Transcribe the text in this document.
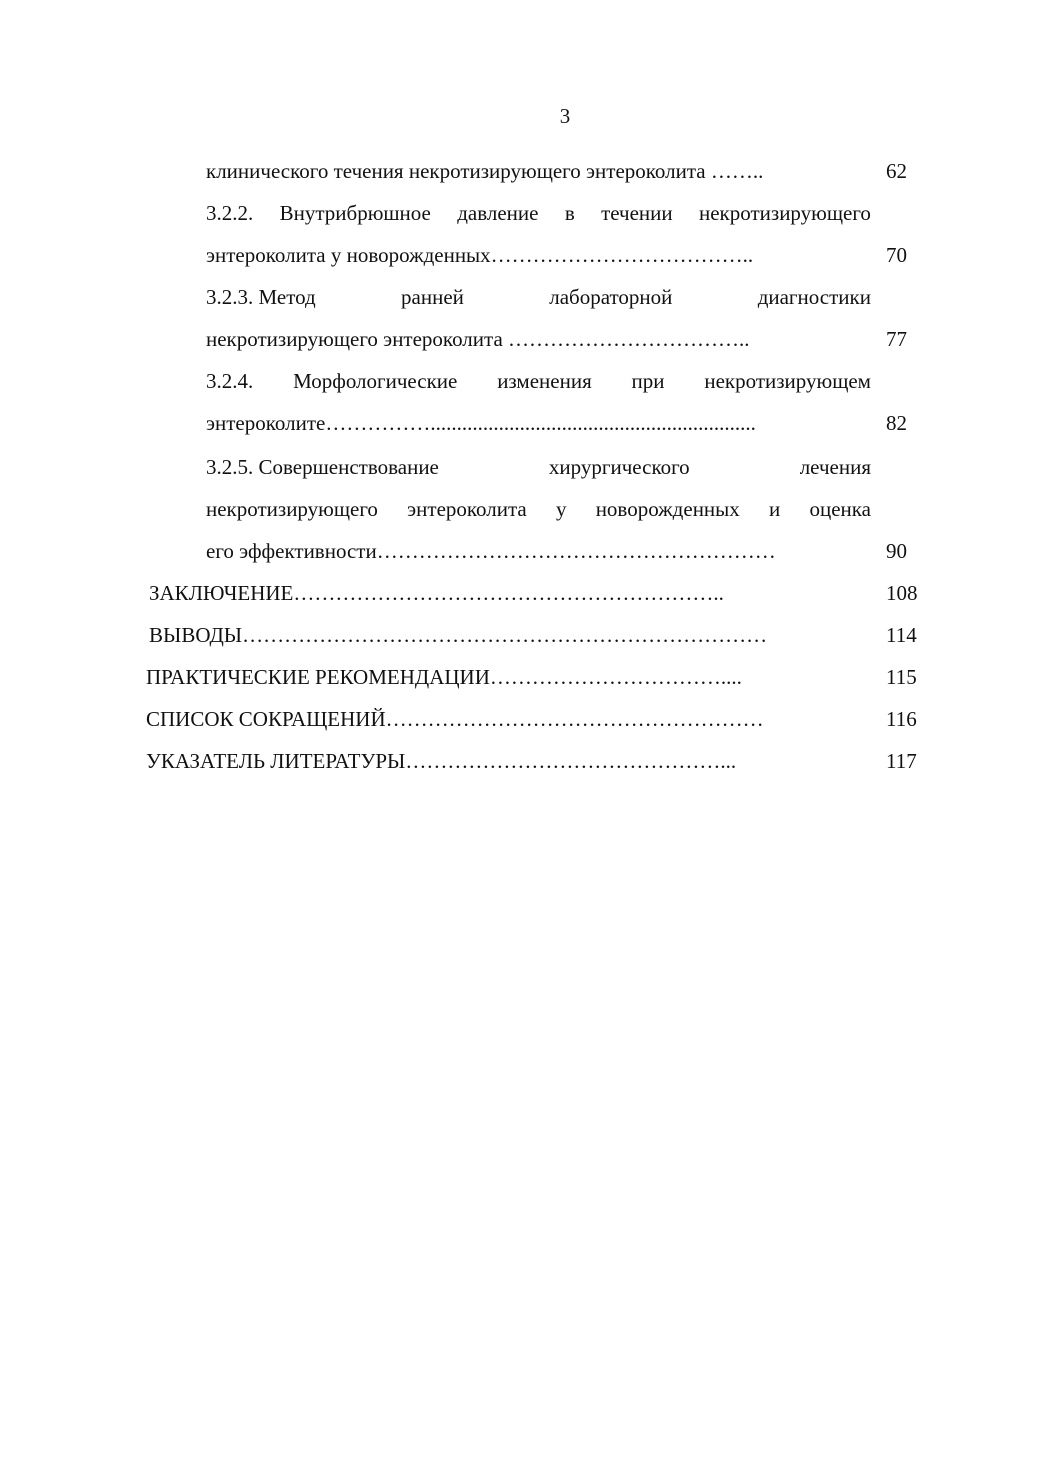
3
клинического течения некротизирующего энтероколита ……..	62
3.2.2. Внутрибрюшное давление в течении некротизирующего
энтероколита у новорожденных………………………………..	70
3.2.3. Метод	ранней	лабораторной	диагностики
некротизирующего энтероколита ……………………………..	77
3.2.4. Морфологические изменения при некротизирующем
энтероколите……………..............................................................	82
3.2.5. Совершенствование	хирургического	лечения
некротизирующего энтероколита у новорожденных и оценка
его эффективности…………………………………………………	90
ЗАКЛЮЧЕНИЕ……………………………………………………..	108
ВЫВОДЫ…………………………………………………………………	114
ПРАКТИЧЕСКИЕ РЕКОМЕНДАЦИИ……………………………....	115
СПИСОК СОКРАЩЕНИЙ………………………………………………	116
УКАЗАТЕЛЬ ЛИТЕРАТУРЫ………………………………………...	117
